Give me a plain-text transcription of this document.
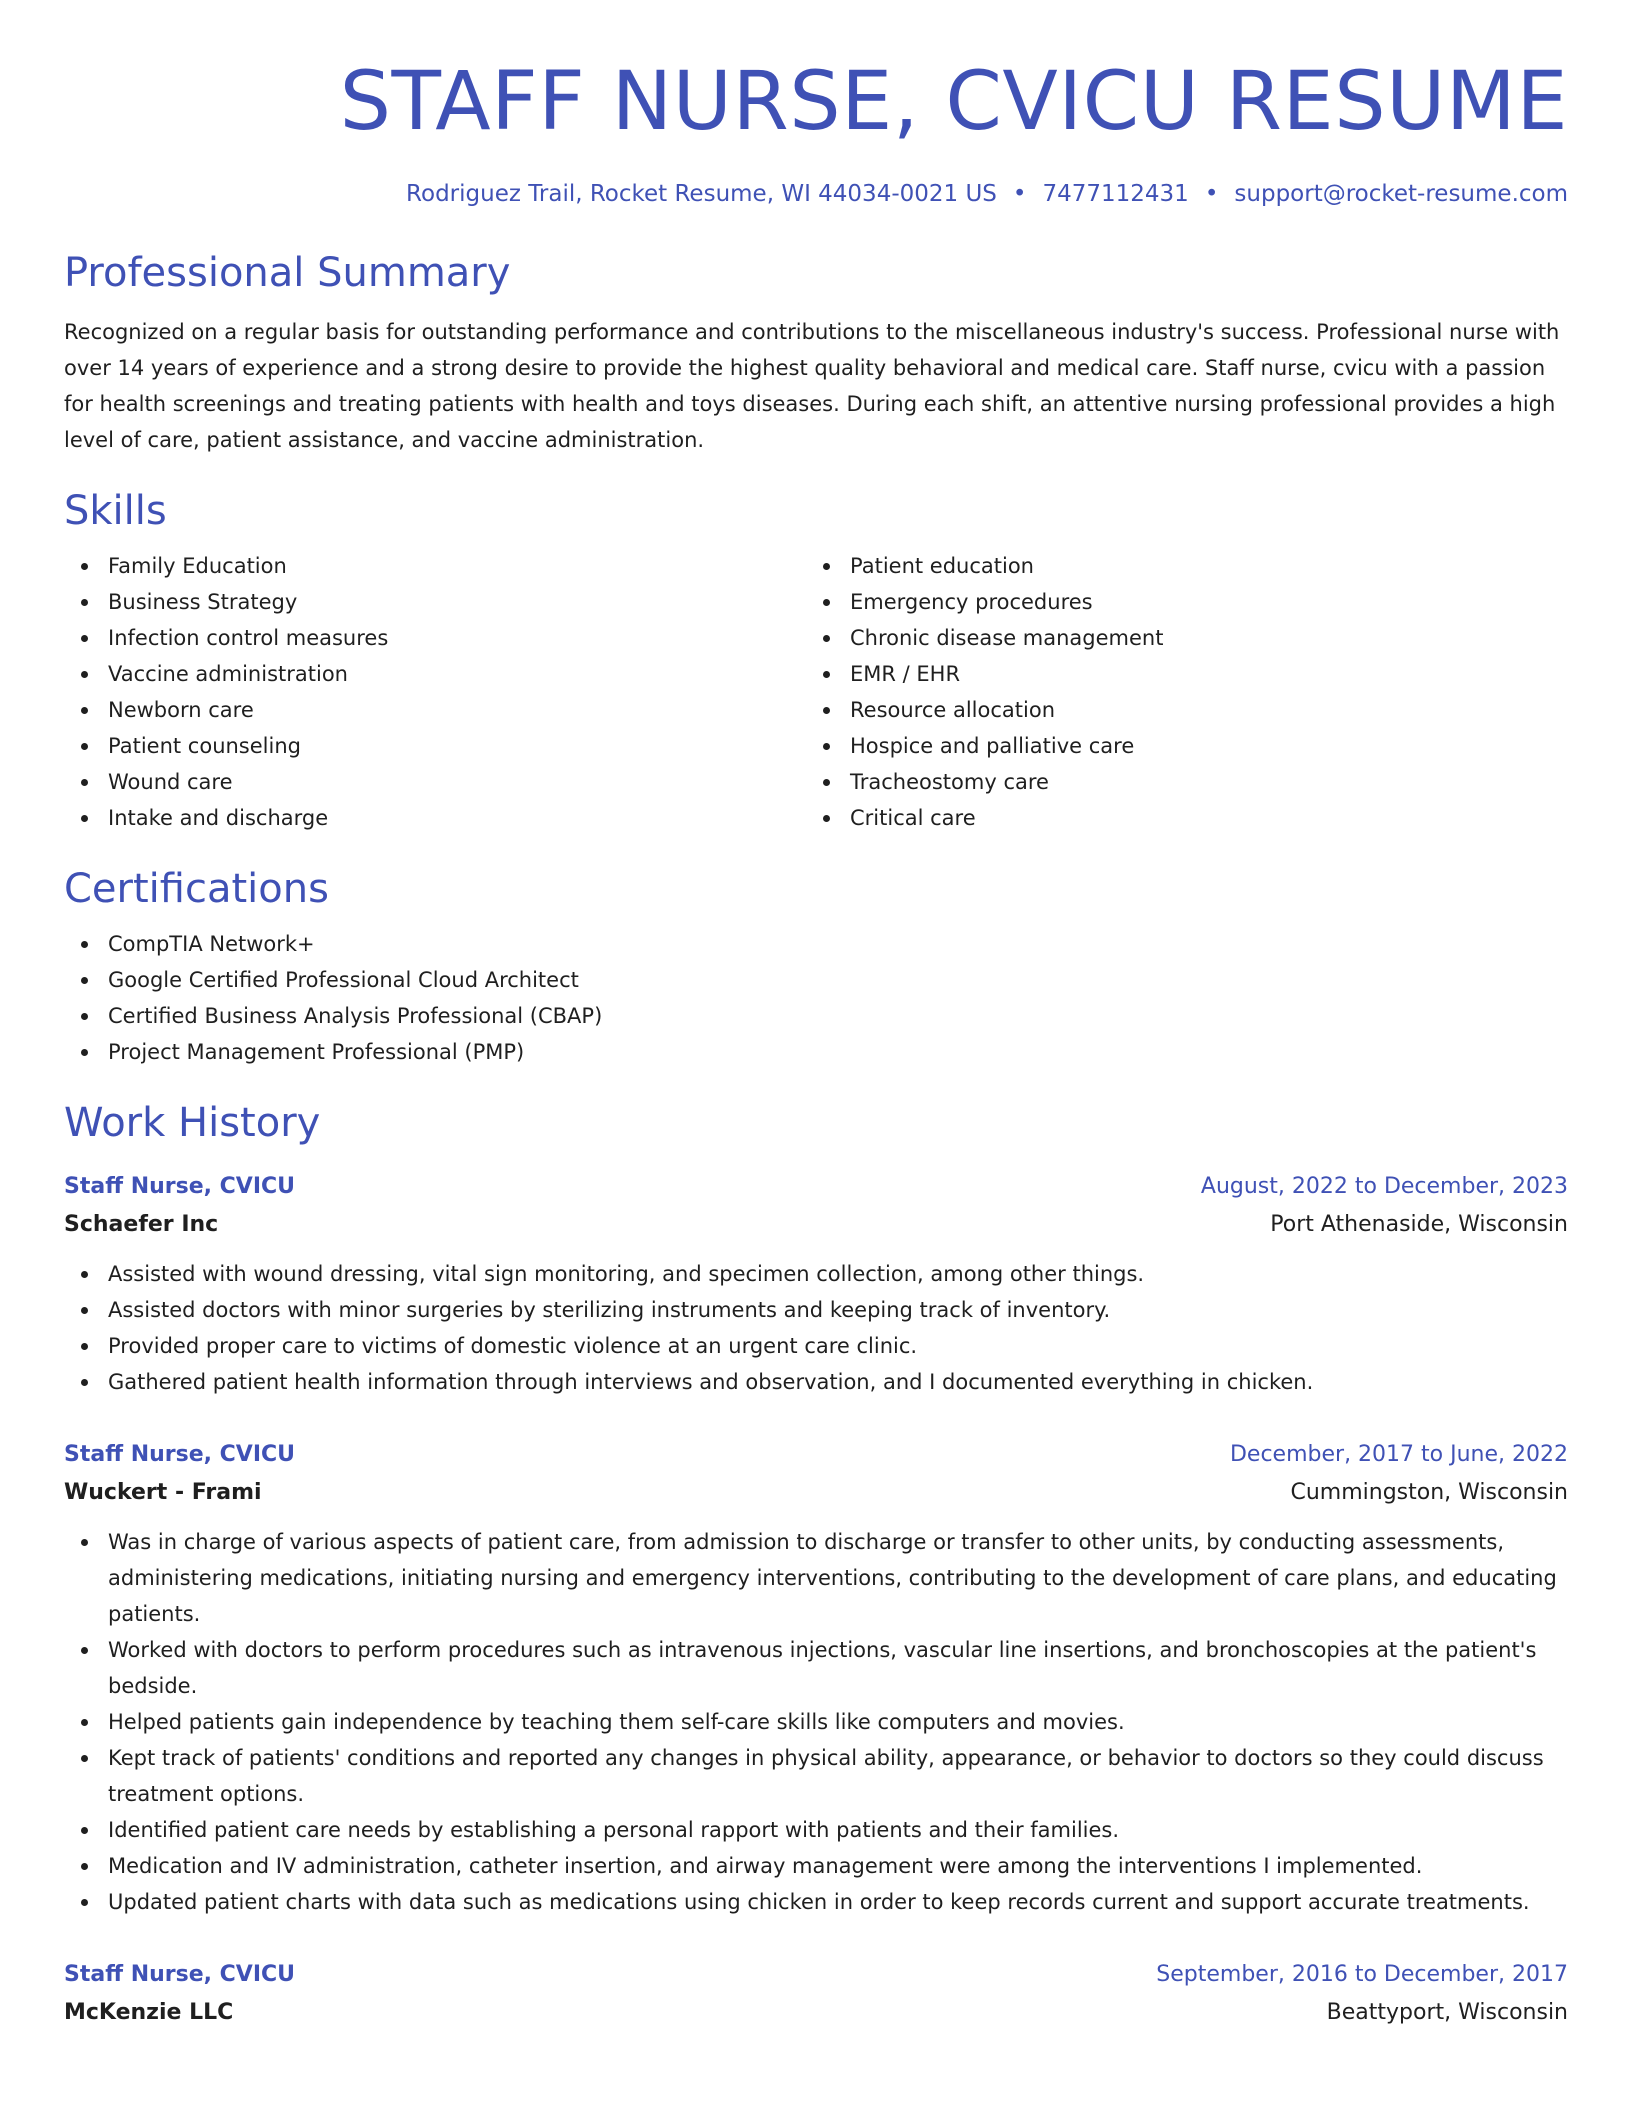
STAFF NURSE, CVICU RESUME
Rodriguez Trail, Rocket Resume, WI 44034-0021 US • 7477112431 • support@rocket-resume.com
Professional Summary

Recognized on a regular basis for outstanding performance and contributions to the miscellaneous industry's success. Professional nurse with over 14 years of experience and a strong desire to provide the highest quality behavioral and medical care. Staff nurse, cvicu with a passion for health screenings and treating patients with health and toys diseases. During each shift, an attentive nursing professional provides a high level of care, patient assistance, and vaccine administration.

Skills
Family Education
Business Strategy
Infection control measures
Vaccine administration
Newborn care
Patient counseling
Wound care
Intake and discharge
Patient education
Emergency procedures
Chronic disease management
EMR / EHR
Resource allocation
Hospice and palliative care
Tracheostomy care
Critical care
Certifications
CompTIA Network+
Google Certified Professional Cloud Architect
Certified Business Analysis Professional (CBAP)
Project Management Professional (PMP)
Work History
Staff Nurse, CVICU	August, 2022 to December, 2023
Schaefer Inc	Port Athenaside, Wisconsin
Assisted with wound dressing, vital sign monitoring, and specimen collection, among other things.
Assisted doctors with minor surgeries by sterilizing instruments and keeping track of inventory.
Provided proper care to victims of domestic violence at an urgent care clinic.
Gathered patient health information through interviews and observation, and I documented everything in chicken.
Staff Nurse, CVICU	December, 2017 to June, 2022
Wuckert - Frami	Cummingston, Wisconsin
Was in charge of various aspects of patient care, from admission to discharge or transfer to other units, by conducting assessments, administering medications, initiating nursing and emergency interventions, contributing to the development of care plans, and educating patients.
Worked with doctors to perform procedures such as intravenous injections, vascular line insertions, and bronchoscopies at the patient's bedside.
Helped patients gain independence by teaching them self-care skills like computers and movies.
Kept track of patients' conditions and reported any changes in physical ability, appearance, or behavior to doctors so they could discuss treatment options.
Identified patient care needs by establishing a personal rapport with patients and their families.
Medication and IV administration, catheter insertion, and airway management were among the interventions I implemented.
Updated patient charts with data such as medications using chicken in order to keep records current and support accurate treatments.
Staff Nurse, CVICU	September, 2016 to December, 2017
McKenzie LLC	Beattyport, Wisconsin
